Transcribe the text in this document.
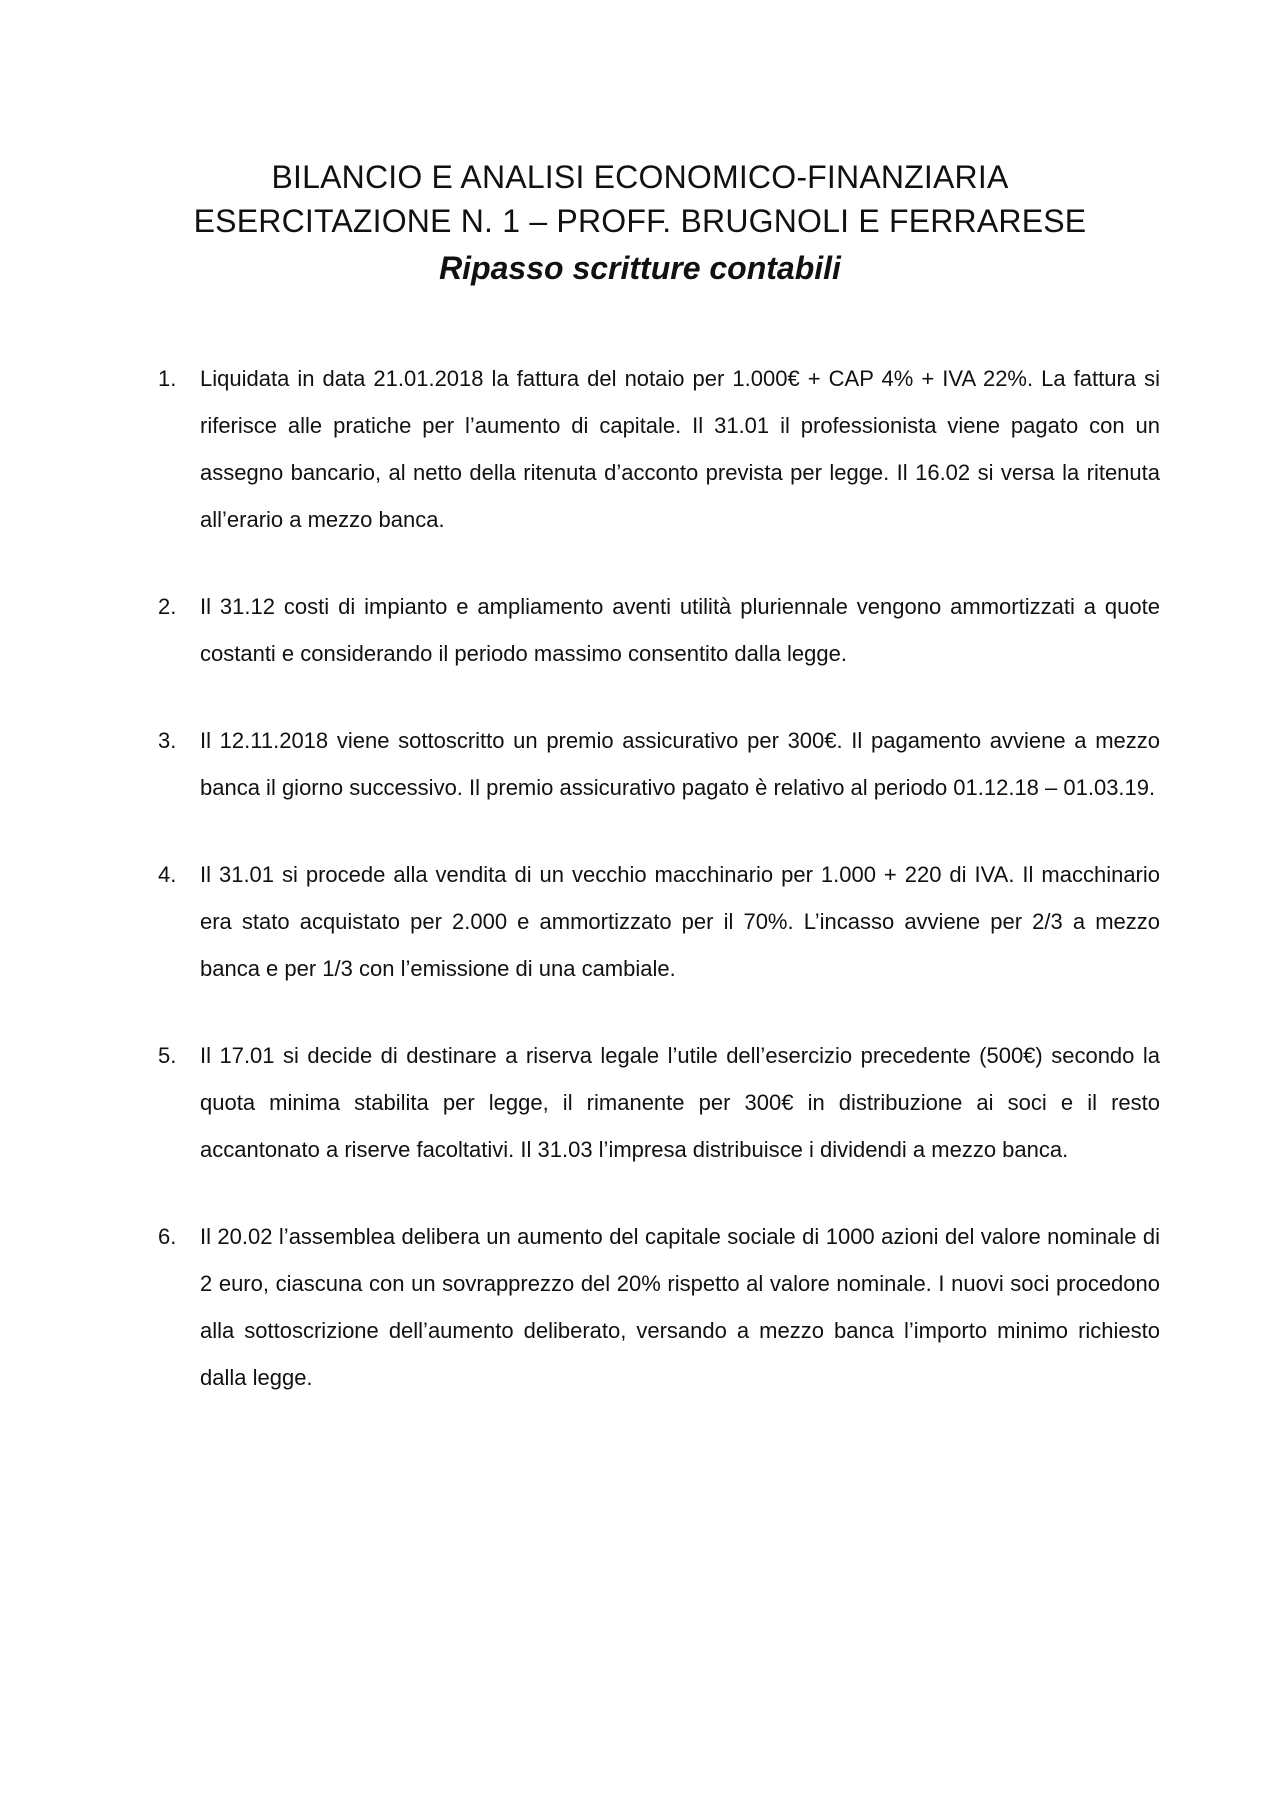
BILANCIO E ANALISI ECONOMICO-FINANZIARIA
ESERCITAZIONE N. 1 – PROFF. BRUGNOLI E FERRARESE
Ripasso scritture contabili
1. Liquidata in data 21.01.2018 la fattura del notaio per 1.000€ + CAP 4% + IVA 22%. La fattura si riferisce alle pratiche per l’aumento di capitale. Il 31.01 il professionista viene pagato con un assegno bancario, al netto della ritenuta d’acconto prevista per legge. Il 16.02 si versa la ritenuta all’erario a mezzo banca.
2. Il 31.12 costi di impianto e ampliamento aventi utilità pluriennale vengono ammortizzati a quote costanti e considerando il periodo massimo consentito dalla legge.
3. Il 12.11.2018 viene sottoscritto un premio assicurativo per 300€. Il pagamento avviene a mezzo banca il giorno successivo. Il premio assicurativo pagato è relativo al periodo 01.12.18 – 01.03.19.
4. Il 31.01 si procede alla vendita di un vecchio macchinario per 1.000 + 220 di IVA. Il macchinario era stato acquistato per 2.000 e ammortizzato per il 70%. L’incasso avviene per 2/3 a mezzo banca e per 1/3 con l’emissione di una cambiale.
5. Il 17.01 si decide di destinare a riserva legale l’utile dell’esercizio precedente (500€) secondo la quota minima stabilita per legge, il rimanente per 300€ in distribuzione ai soci e il resto accantonato a riserve facoltativi. Il 31.03 l’impresa distribuisce i dividendi a mezzo banca.
6. Il 20.02 l’assemblea delibera un aumento del capitale sociale di 1000 azioni del valore nominale di 2 euro, ciascuna con un sovrapprezzo del 20% rispetto al valore nominale. I nuovi soci procedono alla sottoscrizione dell’aumento deliberato, versando a mezzo banca l’importo minimo richiesto dalla legge.
